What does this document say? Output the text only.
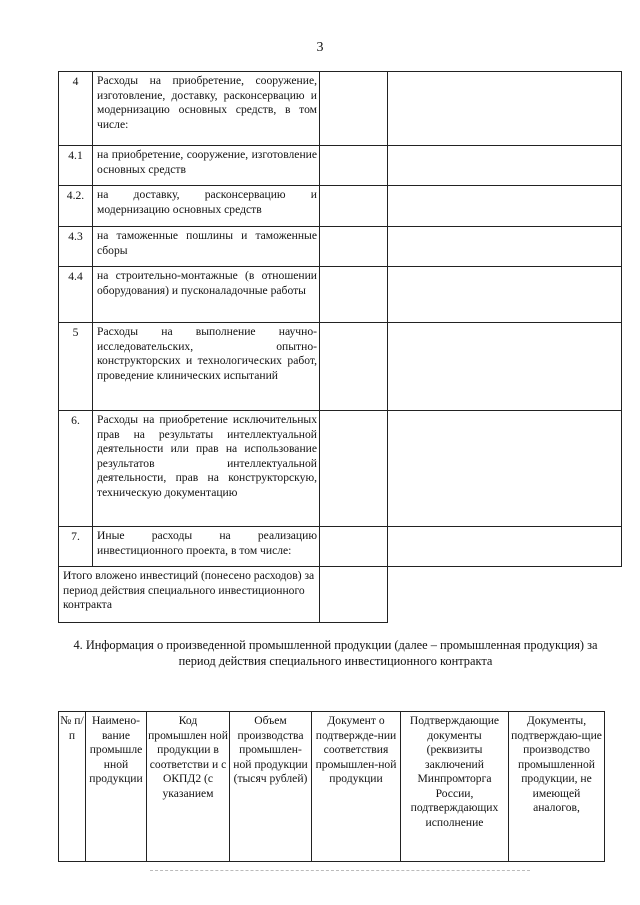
3
4	Расходы на приобретение, сооружение, изготовление, доставку, расконсервацию и модернизацию основных средств, в том числе:		
4.1	на приобретение, сооружение, изготовление основных средств		
4.2.	на доставку, расконсервацию и модернизацию основных средств		
4.3	на таможенные пошлины и таможенные сборы		
4.4	на строительно-монтажные (в отношении оборудования) и пусконаладочные работы		
5	Расходы на выполнение научно-исследовательских, опытно-конструкторских и технологических работ, проведение клинических испытаний		
6.	Расходы на приобретение исключительных прав на результаты интеллектуальной деятельности или прав на использование результатов интеллектуальной деятельности, прав на конструкторскую, техническую документацию		
7.	Иные расходы на реализацию инвестиционного проекта, в том числе:		
Итого вложено инвестиций (понесено расходов) за период действия специального инвестиционного контракта			
4. Информация о произведенной промышленной продукции (далее – промышленная продукция) за период действия специального инвестиционного контракта
№ п/п	Наимено-вание промышле нной продукции	Код промышлен ной продукции в соответстви и с ОКПД2 (с указанием	Объем производства промышлен-ной продукции (тысяч рублей)	Документ о подтвержде-нии соответствия промышлен-ной продукции	Подтверждающие документы (реквизиты заключений Минпромторга России, подтверждающих исполнение	Документы, подтверждаю-щие производство промышленной продукции, не имеющей аналогов,
